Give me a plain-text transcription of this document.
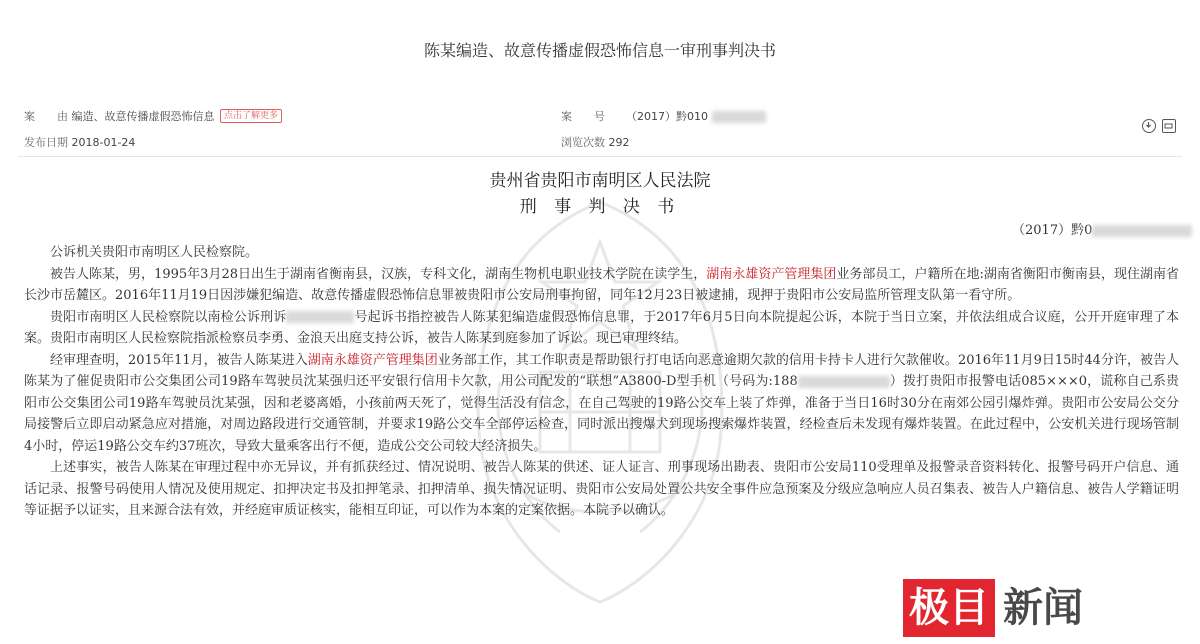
陈某编造、故意传播虚假恐怖信息一审刑事判决书
案　　由 编造、故意传播虚假恐怖信息 点击了解更多	案　　号 （2017）黔010
发布日期 2018-01-24	浏览次数 292
贵州省贵阳市南明区人民法院
刑 事 判 决 书
（2017）黔0

公诉机关贵阳市南明区人民检察院。

被告人陈某，男，1995年3月28日出生于湖南省衡南县，汉族，专科文化，湖南生物机电职业技术学院在读学生，湖南永雄资产管理集团业务部员工，户籍所在地:湖南省衡阳市衡南县，现住湖南省长沙市岳麓区。2016年11月19日因涉嫌犯编造、故意传播虚假恐怖信息罪被贵阳市公安局刑事拘留，同年12月23日被逮捕，现押于贵阳市公安局监所管理支队第一看守所。

贵阳市南明区人民检察院以南检公诉刑诉	号起诉书指控被告人陈某犯编造虚假恐怖信息罪，于2017年6月5日向本院提起公诉，本院于当日立案，并依法组成合议庭，公开开庭审理了本案。贵阳市南明区人民检察院指派检察员李勇、金浪天出庭支持公诉，被告人陈某到庭参加了诉讼。现已审理终结。

经审理查明，2015年11月，被告人陈某进入湖南永雄资产管理集团业务部工作，其工作职责是帮助银行打电话向恶意逾期欠款的信用卡持卡人进行欠款催收。2016年11月9日15时44分许，被告人陈某为了催促贵阳市公交集团公司19路车驾驶员沈某强归还平安银行信用卡欠款，用公司配发的“联想”A3800-D型手机（号码为:188	）拨打贵阳市报警电话085×××0，谎称自己系贵阳市公交集团公司19路车驾驶员沈某强，因和老婆离婚，小孩前两天死了，觉得生活没有信念，在自己驾驶的19路公交车上装了炸弹，准备于当日16时30分在南郊公园引爆炸弹。贵阳市公安局公交分局接警后立即启动紧急应对措施，对周边路段进行交通管制，并要求19路公交车全部停运检查，同时派出搜爆犬到现场搜索爆炸装置，经检查后未发现有爆炸装置。在此过程中，公安机关进行现场管制4小时，停运19路公交车约37班次，导致大量乘客出行不便，造成公交公司较大经济损失。

上述事实，被告人陈某在审理过程中亦无异议，并有抓获经过、情况说明、被告人陈某的供述、证人证言、刑事现场出勘表、贵阳市公安局110受理单及报警录音资料转化、报警号码开户信息、通话记录、报警号码使用人情况及使用规定、扣押决定书及扣押笔录、扣押清单、损失情况证明、贵阳市公安局处置公共安全事件应急预案及分级应急响应人员召集表、被告人户籍信息、被告人学籍证明等证据予以证实，且来源合法有效，并经庭审质证核实，能相互印证，可以作为本案的定案依据。本院予以确认。

极目 新闻
